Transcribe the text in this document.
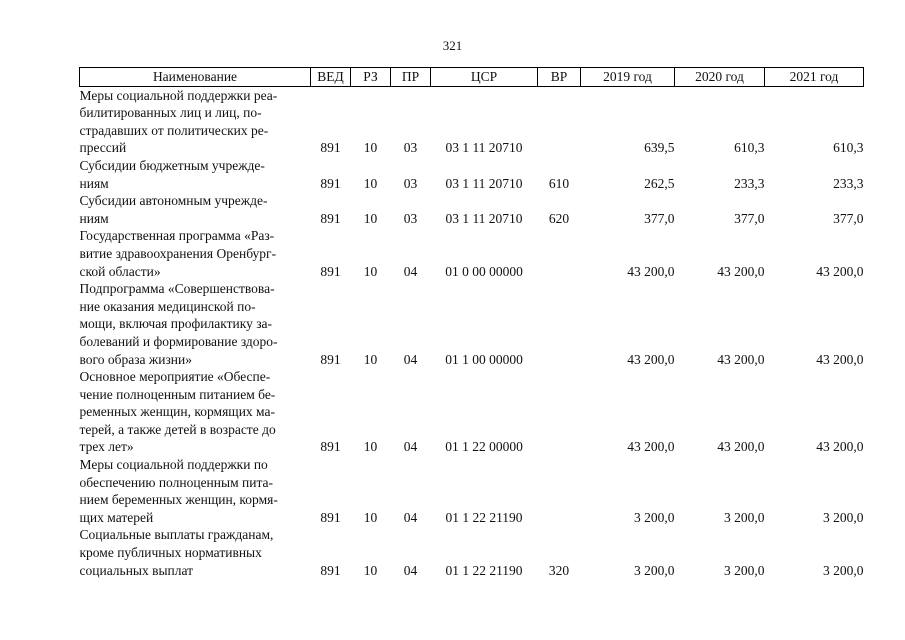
321
Наименование	ВЕД	РЗ	ПР	ЦСР	ВР	2019 год	2020 год	2021 год

Меры социальной поддержки реа-
билитированных лиц и лиц, по-
страдавших от политических ре-
прессий	891	10	03	03 1 11 20710		639,5	610,3	610,3

Субсидии бюджетным учрежде-
ниям	891	10	03	03 1 11 20710	610	262,5	233,3	233,3

Субсидии автономным учрежде-
ниям	891	10	03	03 1 11 20710	620	377,0	377,0	377,0

Государственная программа «Раз-
витие здравоохранения Оренбург-
ской области»	891	10	04	01 0 00 00000		43 200,0	43 200,0	43 200,0

Подпрограмма «Совершенствова-
ние оказания медицинской по-
мощи, включая профилактику за-
болеваний и формирование здоро-
вого образа жизни»	891	10	04	01 1 00 00000		43 200,0	43 200,0	43 200,0

Основное мероприятие «Обеспе-
чение полноценным питанием бе-
ременных женщин, кормящих ма-
терей, а также детей в возрасте до
трех лет»	891	10	04	01 1 22 00000		43 200,0	43 200,0	43 200,0

Меры социальной поддержки по
обеспечению полноценным пита-
нием беременных женщин, кормя-
щих матерей	891	10	04	01 1 22 21190		3 200,0	3 200,0	3 200,0

Социальные выплаты гражданам,
кроме публичных нормативных
социальных выплат	891	10	04	01 1 22 21190	320	3 200,0	3 200,0	3 200,0
